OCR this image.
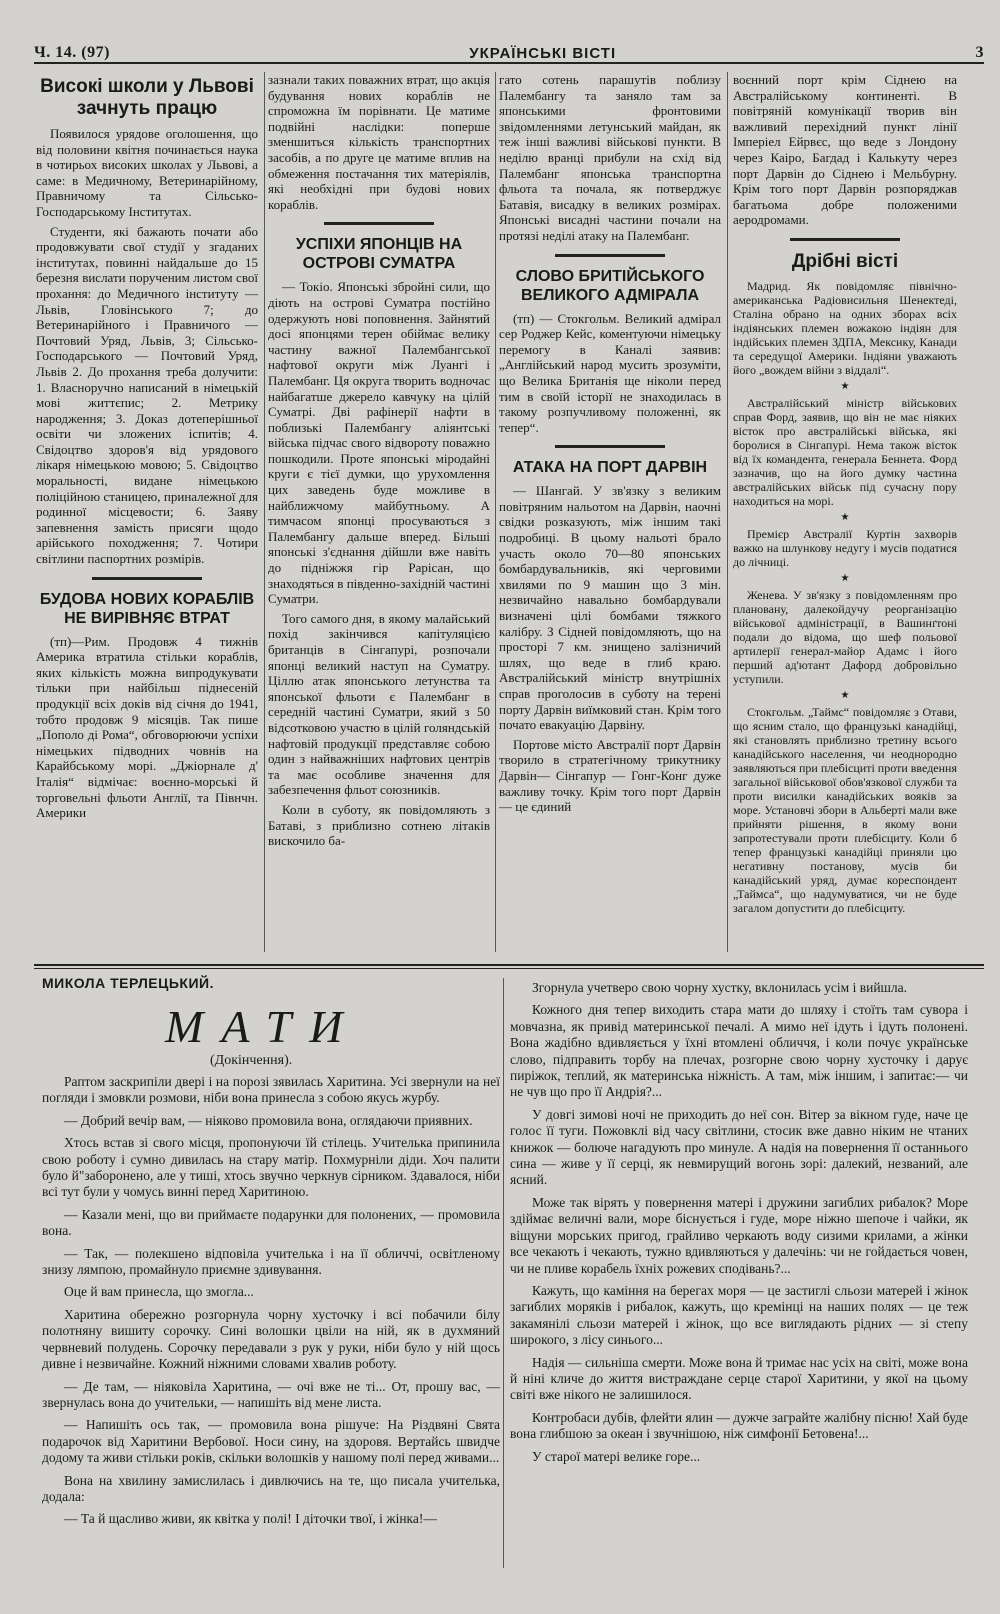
Ч. 14. (97)	УКРАЇНСЬКІ ВІСТІ	3
Високі школи у Львові зачнуть працю

Появилося урядове оголошення, що від половини квітня починається наука в чотирьох високих школах у Львові, а саме: в Медичному, Ветеринарійному, Правничому та Сільсько-Господарському Інститутах.

Студенти, які бажають почати або продовжувати свої студії у згаданих інститутах, повинні найдальше до 15 березня вислати порученим листом свої прохання: до Медичного інституту — Львів, Гловінського 7; до Ветеринарійного і Правничого — Почтовий Уряд, Львів, 3; Сільсько-Господарського — Почтовий Уряд, Львів 2. До прохання треба долучити: 1. Власноручно написаний в німецькій мові життєпис; 2. Метрику народження; 3. Доказ дотеперішньої освіти чи зложених іспитів; 4. Свідоцтво здоров'я від урядового лікаря німецькою мовою; 5. Свідоцтво моральності, видане німецькою поліційною станицею, приналежної для родинної місцевости; 6. Заяву запевнення замість присяги щодо арійського походження; 7. Чотири світлини паспортних розмірів.

БУДОВА НОВИХ КОРАБЛІВ НЕ ВИРІВНЯЄ ВТРАТ

(тп)—Рим. Продовж 4 тижнів Америка втратила стільки кораблів, яких кількість можна випродукувати тільки при найбільш піднесеній продукції всіх доків від січня до 1941, тобто продовж 9 місяців. Так пише „Пополо ді Рома“, обговорюючи успіхи німецьких підводних човнів на Карайбському морі. „Джіорнале д' Італія“ відмічає: воєнно-морські й торговельні фльоти Англії, та Півнчн. Америки

зазнали таких поважних втрат, що акція будування нових кораблів не спроможна їм порівнати. Це матиме подвійні наслідки: поперше зменшиться кількість транспортних засобів, а по друге це матиме вплив на обмеження постачання тих матеріялів, які необхідні при будові нових кораблів.

УСПІХИ ЯПОНЦІВ НА ОСТРОВІ СУМАТРА

— Токіо. Японські збройні сили, що діють на острові Суматра постійно одержують нові поповнення. Зайнятий досі японцями терен обіймає велику частину важної Палембангської нафтової округи між Луангі і Палембанг. Ця округа творить водночас найбагатше джерело кавчуку на цілій Суматрі. Дві рафінерії нафти в поблизькі Палембангу аліянтські війська підчас свого відвороту поважно пошкодили. Проте японські міродайні круги є тієї думки, що уруxомлення цих заведень буде можливе в найближчому майбутньому. А тимчасом японці просуваються з Палембангу дальше вперед. Більші японські з'єднання дійшли вже навіть до підніжжя гір Рарісан, що знаходяться в південно-західній частині Суматри.

Того самого дня, в якому малайський похід закінчився капітуляцією британців в Сінгапурі, розпочали японці великий наступ на Суматру. Ціллю атак японського летунства та японської фльоти є Палембанг в середній частині Суматри, який з 50 відсотковою участю в цілій голяндській нафтовій продукції представляє собою один з найважніших нафтових центрів та має особливе значення для забезпечення фльот союзників.

Коли в суботу, як повідомляють з Батаві, з приблизно сотнею літаків вискочило ба-

гато сотень парашутів поблизу Палембангу та заняло там за японськими фронтовими звідомленнями летунський майдан, як теж інші важливі військові пункти. В неділю вранці прибули на схід від Палембанг японська транспортна фльота та почала, як потверджує Батавія, висадку в великих розмірах. Японські висадні частини почали на протязі неділі атаку на Палембанг.

СЛОВО БРИТІЙСЬКОГО ВЕЛИКОГО АДМІРАЛА

(тп) — Стокгольм. Великий адмірал сер Роджер Кейс, коментуючи німецьку перемогу в Каналі заявив: „Англійський народ мусить зрозуміти, що Велика Британія ще ніколи перед тим в своїй історії не знаходилась в такому розпучливому положенні, як тепер“.

АТАКА НА ПОРТ ДАРВІН

— Шангай. У зв'язку з великим повітряним нальотом на Дарвін, наочні свідки розказують, між іншим такі подробиці. В цьому нальоті брало участь около 70—80 японських бомбардувальників, які черговими хвилями по 9 машин що 3 мін. незвичайно навально бомбардували визначені цілі бомбами тяжкого калібру. З Сідней повідомляють, що на просторі 7 км. знищено залізничий шлях, що веде в глиб краю. Австралійський міністр внутрішніх справ проголосив в суботу на терені порту Дарвін виїмковий стан. Крім того почато евакуацію Дарвіну.

Портове місто Австралії порт Дарвін творило в стратегічному трикутнику Дарвін— Сінгапур — Гонг-Конг дуже важливу точку. Крім того порт Дарвін — це єдиний

воєнний порт крім Сіднею на Австралійському континенті. В повітряній комунікації творив він важливий перехідний пункт лінії Імперіел Ейрвєс, що веде з Лондону через Каіро, Багдад і Калькуту через порт Дарвін до Сіднею і Мельбурну. Крім того порт Дарвін розпоряджав багатьома добре положеними аеродромами.

Дрібні вісті

Мадрид. Як повідомляє північно-американська Радіовисильня Шенектеді, Сталіна обрано на одних зборах всіх індіянських племен вожакою індіян для індійських племен ЗДПА, Мексику, Канади та середущої Америки. Індіяни уважають його „вождем війни з віддалі“.

★

Австралійський міністр військових справ Форд, заявив, що він не має ніяких вісток про австралійські війська, які боролися в Сінгапурі. Нема також вісток від їх командента, генерала Беннета. Форд зазначив, що на його думку частина австралійських військ під сучасну пору находиться на морі.

★

Премієр Австралії Куртін захворів важко на шлункову недугу і мусів податися до лічниці.

★

Женева. У зв'язку з повідомленням про плановану, далекойдучу реорганізацію військової адміністрації, в Вашинґтоні подали до відома, що шеф польової артилерії генерал-майор Адамс і його перший ад'ютант Дафорд добровільно уступили.

★

Стокгольм. „Таймс“ повідомляє з Отави, що ясним стало, що французькі канадійці, які становлять приблизно третину всього канадійського населення, чи неоднородно заявляються при плебісциті проти введення загальної військової обов'язкової служби та проти висилки канадійських вояків за море. Установчі збори в Альберті мали вже прийняти рішення, в якому вони запротестували проти плебісциту. Коли б тепер французькі канадійці приняли цю негативну постанову, мусів би канадійський уряд, думає кореспондент „Таймса“, що надумуватися, чи не буде загалом допустити до плебісциту.

МИКОЛА ТЕРЛЕЦЬКИЙ.
МАТИ
(Докінчення).

Раптом заскрипіли двері і на порозі зявилась Харитина. Усі звернули на неї погляди і змовкли розмови, ніби вона принесла з собою якусь журбу.

— Добрий вечір вам, — ніяково промовила вона, оглядаючи приявних.

Хтось встав зі свого місця, пропонуючи їй стілець. Учителька припинила свою роботу і сумно дивилась на стару матір. Похмурніли діди. Хоч палити було й"заборонено, але у тиші, хтось звучно черкнув сірником. Здавалося, ніби всі тут були у чомусь винні перед Харитиною.

— Казали мені, що ви приймаєте подарунки для полонених, — промовила вона.

— Так, — полекшено відповіла учителька і на її обличчі, освітленому знизу лямпою, промайнуло приємне здивування.

Оце й вам принесла, що змогла...

Харитина обережно розгорнула чорну хусточку і всі побачили білу полотняну вишиту сорочку. Сині волошки цвіли на ній, як в духмяний червневий полудень. Сорочку передавали з рук у руки, ніби було у ній щось дивне і незвичайне. Кожний ніжними словами хвалив роботу.

— Де там, — ніяковіла Харитина, — очі вже не ті... От, прошу вас, — звернулась вона до учительки, — напишіть від мене листа.

— Напишіть ось так, — промовила вона рішуче: На Різдвяні Свята подарочок від Харитини Вербової. Носи сину, на здоровя. Вертайсь швидче додому та живи стільки років, скільки волошків у нашому полі перед живами...

Вона на хвилину замислилась і дивлючись на те, що писала учителька, додала:

— Та й щасливо живи, як квітка у полі! І діточки твої, і жінка!—

Згорнула учетверо свою чорну хустку, вклонилась усім і вийшла.

Кожного дня тепер виходить стара мати до шляху і стоїть там сувора і мовчазна, як привід материнської печалі. А мимо неї ідуть і ідуть полонені. Вона жадібно вдивляється у їхні втомлені обличчя, і коли почує українське слово, підправить торбу на плечах, розгорне свою чорну хусточку і дарує пиріжок, теплий, як материнська ніжність. А там, між іншим, і запитає:— чи не чув що про її Андрія?...

У довгі зимові ночі не приходить до неї сон. Вітер за вікном гуде, наче це голос її туги. Пожовклі від часу світлини, стосик вже давно ніким не чтаних книжок — болюче нагадують про минуле. А надія на повернення її останнього сина — живе у її серці, як невмирущий вогонь зорі: далекий, незваний, але ясний.

Може так вірять у повернення матері і дружини загиблих рибалок? Море здіймає величні вали, море біснується і гуде, море ніжно шепоче і чайки, як віщуни морських пригод, грайливо черкають воду сизими крилами, а жінки все чекають і чекають, тужно вдивляються у далечінь: чи не гойдається човен, чи не пливе корабель їхніх рожевих сподівань?...

Кажуть, що каміння на берегах моря — це застиглі сльози матерей і жінок загиблих моряків і рибалок, кажуть, що кремінці на наших полях — це теж закамянілі сльози матерей і жінок, що все виглядають рідних — зі степу широкого, з лісу синього...

Надія — сильніша смерти. Може вона й тримає нас усіх на світі, може вона й ніні кличе до життя вистраждане серце старої Харитини, у якої на цьому світі вже нікого не залишилося.

Контробаси дубів, флейти ялин — дужче заграйте жалібну пісню! Хай буде вона глибшою за океан і звучнішою, ніж симфонії Бетовена!...

У старої матері велике горе...
